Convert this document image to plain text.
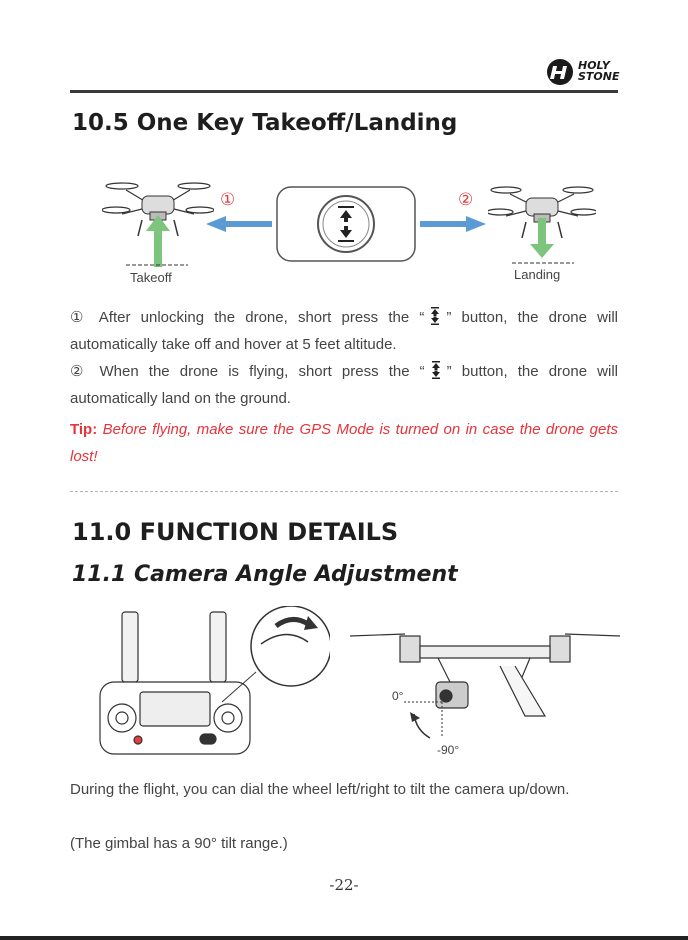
HOLY
STONE
10.5 One Key Takeoff/Landing
Takeoff
①	②
Landing
① After unlocking the drone, short press the “ ” button, the drone will automatically take off and hover at 5 feet altitude.
② When the drone is flying, short press the “ ” button, the drone will automatically land on the ground.
Tip: Before flying, make sure the GPS Mode is turned on in case the drone gets lost!
11.0 FUNCTION DETAILS
11.1 Camera Angle Adjustment
0°
-90°
During the flight, you can dial the wheel left/right to tilt the camera up/down.
(The gimbal has a 90° tilt range.)
-22-
